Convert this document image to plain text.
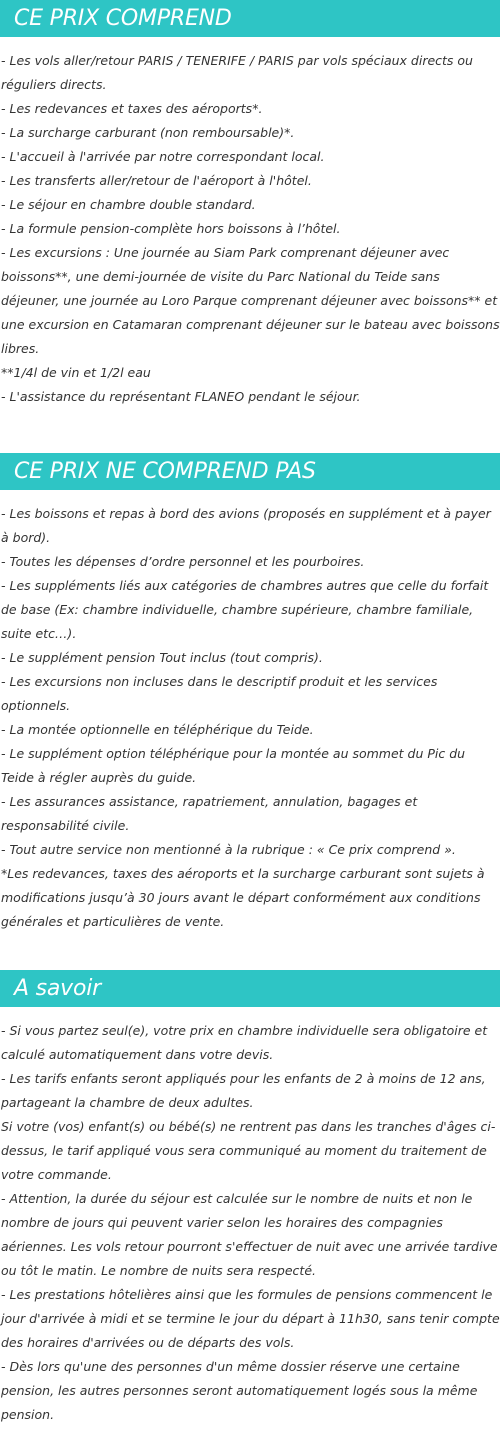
CE PRIX COMPREND

- Les vols aller/retour PARIS / TENERIFE / PARIS par vols spéciaux directs ou réguliers directs.

- Les redevances et taxes des aéroports*.

- La surcharge carburant (non remboursable)*.

- L'accueil à l'arrivée par notre correspondant local.

- Les transferts aller/retour de l'aéroport à l'hôtel.

- Le séjour en chambre double standard.

- La formule pension-complète hors boissons à l’hôtel.

- Les excursions : Une journée au Siam Park comprenant déjeuner avec boissons**, une demi-journée de visite du Parc National du Teide sans déjeuner, une journée au Loro Parque comprenant déjeuner avec boissons** et une excursion en Catamaran comprenant déjeuner sur le bateau avec boissons libres.

**1/4l de vin et 1/2l eau

- L'assistance du représentant FLANEO pendant le séjour.

CE PRIX NE COMPREND PAS

- Les boissons et repas à bord des avions (proposés en supplément et à payer à bord).

- Toutes les dépenses d’ordre personnel et les pourboires.

- Les suppléments liés aux catégories de chambres autres que celle du forfait de base (Ex: chambre individuelle, chambre supérieure, chambre familiale, suite etc…).

- Le supplément pension Tout inclus (tout compris).

- Les excursions non incluses dans le descriptif produit et les services optionnels.

- La montée optionnelle en téléphérique du Teide.

- Le supplément option téléphérique pour la montée au sommet du Pic du Teide à régler auprès du guide.

- Les assurances assistance, rapatriement, annulation, bagages et responsabilité civile.

- Tout autre service non mentionné à la rubrique : « Ce prix comprend ».

*Les redevances, taxes des aéroports et la surcharge carburant sont sujets à modifications jusqu’à 30 jours avant le départ conformément aux conditions générales et particulières de vente.

A savoir

- Si vous partez seul(e), votre prix en chambre individuelle sera obligatoire et calculé automatiquement dans votre devis.

- Les tarifs enfants seront appliqués pour les enfants de 2 à moins de 12 ans, partageant la chambre de deux adultes.

Si votre (vos) enfant(s) ou bébé(s) ne rentrent pas dans les tranches d'âges ci-dessus, le tarif appliqué vous sera communiqué au moment du traitement de votre commande.

- Attention, la durée du séjour est calculée sur le nombre de nuits et non le nombre de jours qui peuvent varier selon les horaires des compagnies aériennes. Les vols retour pourront s'effectuer de nuit avec une arrivée tardive ou tôt le matin. Le nombre de nuits sera respecté.

- Les prestations hôtelières ainsi que les formules de pensions commencent le jour d'arrivée à midi et se termine le jour du départ à 11h30, sans tenir compte des horaires d'arrivées ou de départs des vols.

- Dès lors qu'une des personnes d'un même dossier réserve une certaine pension, les autres personnes seront automatiquement logés sous la même pension.
